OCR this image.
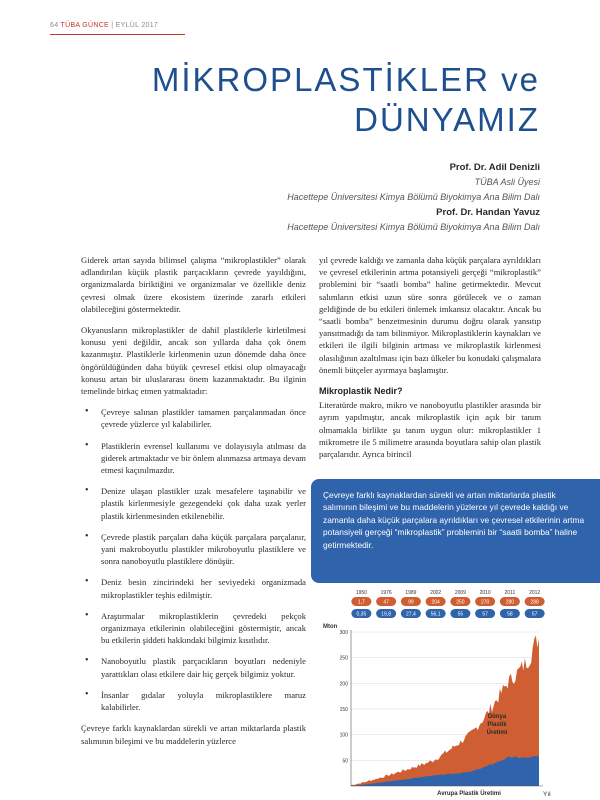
64 TÜBA GÜNCE | EYLÜL 2017
MİKROPLASTİKLER ve
DÜNYAMIZ
Prof. Dr. Adil Denizli
TÜBA Asli Üyesi
Hacettepe Üniversitesi Kimya Bölümü Biyokimya Ana Bilim Dalı
Prof. Dr. Handan Yavuz
Hacettepe Üniversitesi Kimya Bölümü Biyokimya Ana Bilim Dalı

Giderek artan sayıda bilimsel çalışma “mikroplastikler” olarak adlandırılan küçük plastik parçacıkların çevrede yayıldığını, organizmalarda biriktiğini ve organizmalar ve özellikle deniz çevresi olmak üzere ekosistem üzerinde zararlı etkileri olabileceğini göstermektedir.

Okyanusların mikroplastikler de dahil plastiklerle kirletilmesi konusu yeni değildir, ancak son yıllarda daha çok önem kazanmıştır. Plastiklerle kirlenmenin uzun dönemde daha önce öngörüldüğünden daha büyük çevresel etkisi olup olmayacağı konusu artan bir uluslararası önem kazanmaktadır. Bu ilginin temelinde birkaç etmen yatmaktadır:

• Çevreye salınan plastikler tamamen parçalanmadan önce çevrede yüzlerce yıl kalabilirler.
• Plastiklerin evrensel kullanımı ve dolayısıyla atılması da giderek artmaktadır ve bir önlem alınmazsa artmaya devam etmesi kaçınılmazdır.
• Denize ulaşan plastikler uzak mesafelere taşınabilir ve plastik kirlenmesiyle gezegendeki çok daha uzak yerler plastik kirlenmesinden etkilenebilir.
• Çevrede plastik parçaları daha küçük parçalara parçalanır, yani makroboyutlu plastikler mikroboyutlu plastiklere ve sonra nanoboyutlu plastiklere dönüşür.
• Deniz besin zincirindeki her seviyedeki organizmada mikroplastikler teşhis edilmiştir.
• Araştırmalar mikroplastiklerin çevredeki pekçok organizmaya etkilerinin olabileceğini göstermiştir, ancak bu etkilerin şiddeti hakkındaki bilgimiz kısıtlıdır.
• Nanoboyutlu plastik parçacıkların boyutları nedeniyle yarattıkları olası etkilere dair hiç gerçek bilgimiz yoktur.
• İnsanlar gıdalar yoluyla mikroplastiklere maruz kalabilirler.

Çevreye farklı kaynaklardan sürekli ve artan miktarlarda plastik salımının bileşimi ve bu maddelerin yüzlerce

yıl çevrede kaldığı ve zamanla daha küçük parçalara ayrıldıkları ve çevresel etkilerinin artma potansiyeli gerçeği “mikroplastik” problemini bir “saatli bomba” haline getirmektedir. Mevcut salımların etkisi uzun süre sonra görülecek ve o zaman geldiğinde de bu etkileri önlemek imkansız olacaktır. Ancak bu “saatli bomba” benzetmesinin durumu doğru olarak yansıtıp yansıtmadığı da tam bilinmiyor. Mikroplastiklerin kaynakları ve etkileri ile ilgili bilginin artması ve mikroplastik kirlenmesi olasılığının azaltılması için bazı ülkeler bu konudaki çalışmalara önemli bütçeler ayırmaya başlamıştır.

Mikroplastik Nedir?

Literatürde makro, mikro ve nanoboyutlu plastikler arasında bir ayrım yapılmıştır, ancak mikroplastik için açık bir tanım olmamakla birlikte şu tanım uygun olur: mikroplastikler 1 mikrometre ile 5 milimetre arasında boyutlara sahip olan plastik parçalarıdır. Ayrıca birincil

Çevreye farklı kaynaklardan sürekli ve artan miktarlarda plastik salımının bileşimi ve bu maddelerin yüzlerce yıl çevrede kaldığı ve zamanla daha küçük parçalara ayrıldıkları ve çevresel etkilerinin artma potansiyeli gerçeği “mikroplastik” problemini bir “saatli bomba” haline getirmektedir.
1950
1,7
0,35
1976
47
19,8
1989
99
27,4
2002
204
56,1
2009
250
55
2010
270
57
2011
280
58
2012
288
57
Mton
300
250
200
150
100
50
Yıl
Dünya
Plastik
Üretimi
Avrupa Plastik Üretimi
